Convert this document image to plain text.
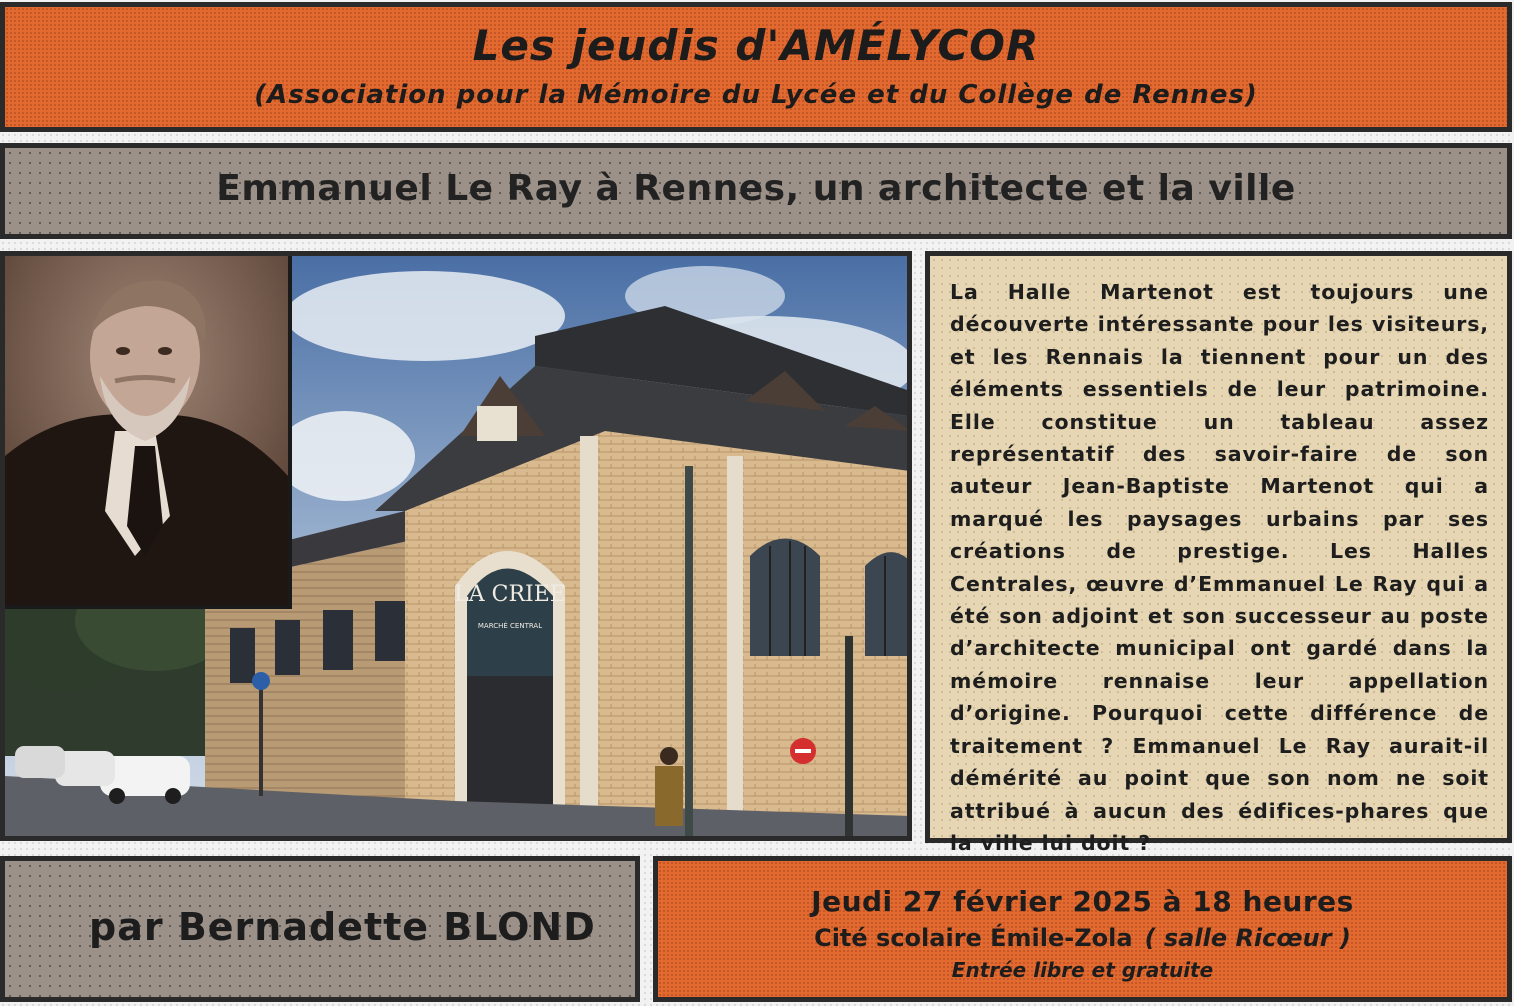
Les jeudis d'AMÉLYCOR

(Association pour la Mémoire du Lycée et du Collège de Rennes)

Emmanuel Le Ray à Rennes, un architecte et la ville
LA CRIEE
MARCHÉ CENTRAL

La Halle Martenot est toujours une découverte intéressante pour les visiteurs, et les Rennais la tiennent pour un des éléments essentiels de leur patrimoine. Elle constitue un tableau assez représentatif des savoir-faire de son auteur Jean-Baptiste Martenot qui a marqué les paysages urbains par ses créations de prestige. Les Halles Centrales, œuvre d’Emmanuel Le Ray qui a été son adjoint et son successeur au poste d’architecte municipal ont gardé dans la mémoire rennaise leur appellation d’origine. Pourquoi cette différence de traitement ? Emmanuel Le Ray aurait-il démérité au point que son nom ne soit attribué à aucun des édifices-phares que la ville lui doit ?

par Bernadette BLOND
Jeudi 27 février 2025 à 18 heures
Cité scolaire Émile-Zola ( salle Ricœur )
Entrée libre et gratuite
